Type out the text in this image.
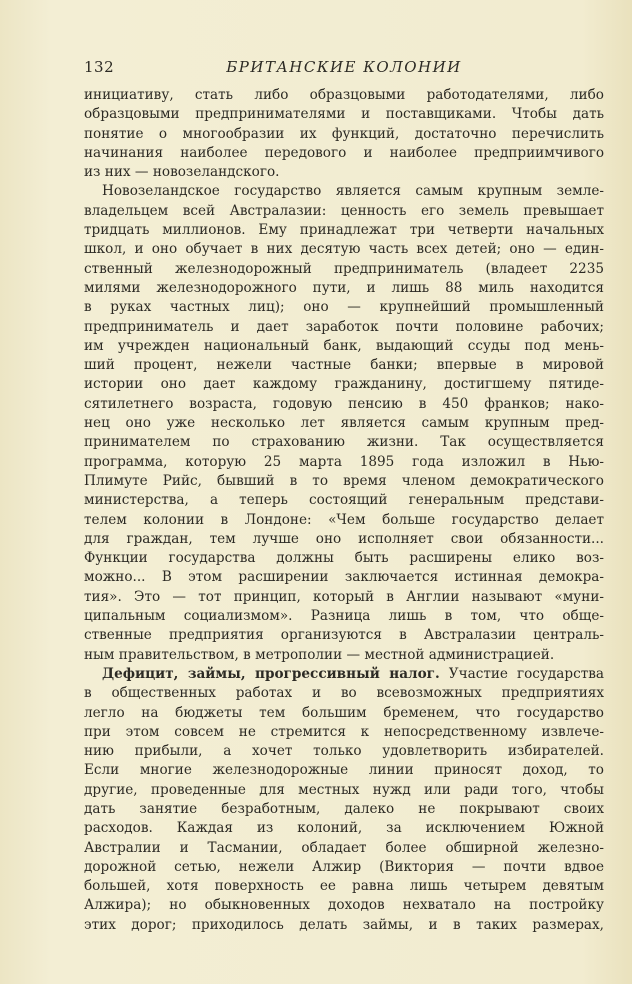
132	БРИТАНСКИЕ КОЛОНИИ
инициативу, стать либо образцовыми работодателями, либо
образцовыми предпринимателями и поставщиками. Чтобы дать
понятие о многообразии их функций, достаточно перечислить
начинания наиболее передового и наиболее предприимчивого
из них — новозеландского.
Новозеландское государство является самым крупным земле-
владельцем всей Австралазии: ценность его земель превышает
тридцать миллионов. Ему принадлежат три четверти начальных
школ, и оно обучает в них десятую часть всех детей; оно — един-
ственный железнодорожный предприниматель (владеет 2235
милями железнодорожного пути, и лишь 88 миль находится
в руках частных лиц); оно — крупнейший промышленный
предприниматель и дает заработок почти половине рабочих;
им учрежден национальный банк, выдающий ссуды под мень-
ший процент, нежели частные банки; впервые в мировой
истории оно дает каждому гражданину, достигшему пятиде-
сятилетнего возраста, годовую пенсию в 450 франков; нако-
нец оно уже несколько лет является самым крупным пред-
принимателем по страхованию жизни. Так осуществляется
программа, которую 25 марта 1895 года изложил в Нью-
Плимуте Рийс, бывший в то время членом демократического
министерства, а теперь состоящий генеральным представи-
телем колонии в Лондоне: «Чем больше государство делает
для граждан, тем лучше оно исполняет свои обязанности...
Функции государства должны быть расширены елико воз-
можно... В этом расширении заключается истинная демокра-
тия». Это — тот принцип, который в Англии называют «муни-
ципальным социализмом». Разница лишь в том, что обще-
ственные предприятия организуются в Австралазии централь-
ным правительством, в метрополии — местной администрацией.
Дефицит, займы, прогрессивный налог. Участие государства
в общественных работах и во всевозможных предприятиях
легло на бюджеты тем большим бременем, что государство
при этом совсем не стремится к непосредственному извлече-
нию прибыли, а хочет только удовлетворить избирателей.
Если многие железнодорожные линии приносят доход, то
другие, проведенные для местных нужд или ради того, чтобы
дать занятие безработным, далеко не покрывают своих
расходов. Каждая из колоний, за исключением Южной
Австралии и Тасмании, обладает более обширной железно-
дорожной сетью, нежели Алжир (Виктория — почти вдвое
большей, хотя поверхность ее равна лишь четырем девятым
Алжира); но обыкновенных доходов нехватало на постройку
этих дорог; приходилось делать займы, и в таких размерах,
